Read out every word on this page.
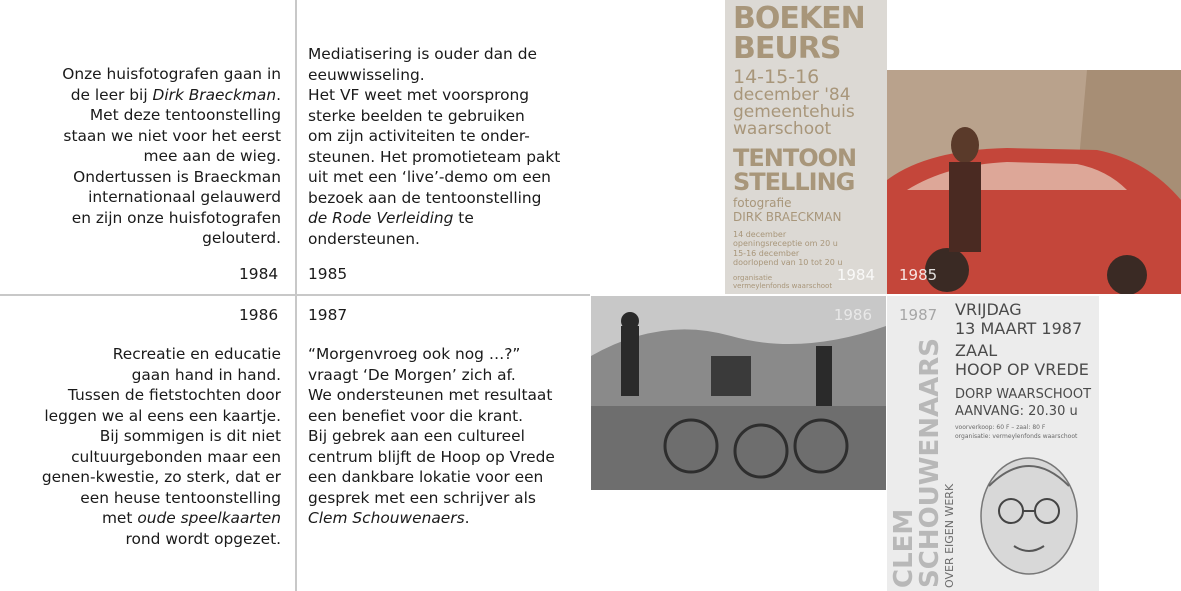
Onze huisfotografen gaan in
de leer bij Dirk Braeckman.
Met deze tentoonstelling
staan we niet voor het eerst
mee aan de wieg.
Ondertussen is Braeckman
internationaal gelauwerd
en zijn onze huisfotografen
gelouterd.
1984
Mediatisering is ouder dan de
eeuwwisseling.
Het VF weet met voorsprong
sterke beelden te gebruiken
om zijn activiteiten te onder-
steunen. Het promotieteam pakt
uit met een ‘live’-demo om een
bezoek aan de tentoonstelling
de Rode Verleiding te
ondersteunen.
1985
1986
Recreatie en educatie
gaan hand in hand.
Tussen de fietstochten door
leggen we al eens een kaartje.
Bij sommigen is dit niet
cultuurgebonden maar een
genen-kwestie, zo sterk, dat er
een heuse tentoonstelling
met oude speelkaarten
rond wordt opgezet.
1987
“Morgenvroeg ook nog …?”
vraagt ‘De Morgen’ zich af.
We ondersteunen met resultaat
een benefiet voor die krant.
Bij gebrek aan een cultureel
centrum blijft de Hoop op Vrede
een dankbare lokatie voor een
gesprek met een schrijver als
Clem Schouwenaers.
BOEKEN
BEURS
14-15-16
december '84
gemeentehuis
waarschoot
TENTOON
STELLING
fotografie
DIRK BRAECKMAN
14 december
openingsreceptie om 20 u
15-16 december
doorlopend van 10 tot 20 u
organisatie
vermeylenfonds waarschoot
1984 1985
1986	VRIJDAG
13 MAART 1987
ZAAL
HOOP OP VREDE
DORP WAARSCHOOT
AANVANG: 20.30 u
voorverkoop: 60 F – zaal: 80 F
organisatie: vermeylenfonds waarschoot
CLEM
SCHOUWENAARS
OVER EIGEN WERK
1987
